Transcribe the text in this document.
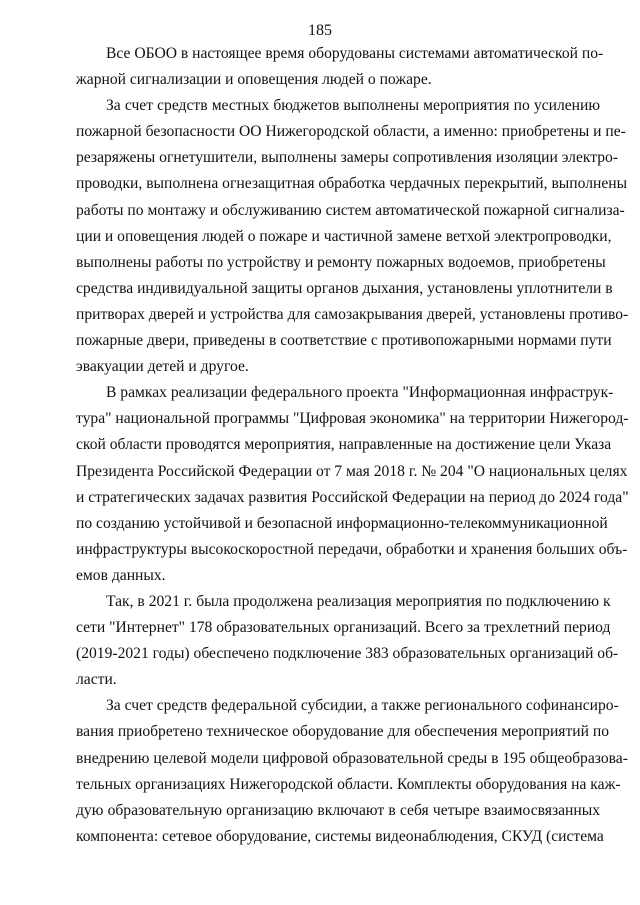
185
Все ОБОО в настоящее время оборудованы системами автоматической по-
жарной сигнализации и оповещения людей о пожаре.
За счет средств местных бюджетов выполнены мероприятия по усилению
пожарной безопасности ОО Нижегородской области, а именно: приобретены и пе-
резаряжены огнетушители, выполнены замеры сопротивления изоляции электро-
проводки, выполнена огнезащитная обработка чердачных перекрытий, выполнены
работы по монтажу и обслуживанию систем автоматической пожарной сигнализа-
ции и оповещения людей о пожаре и частичной замене ветхой электропроводки,
выполнены работы по устройству и ремонту пожарных водоемов, приобретены
средства индивидуальной защиты органов дыхания, установлены уплотнители в
притворах дверей и устройства для самозакрывания дверей, установлены противо-
пожарные двери, приведены в соответствие с противопожарными нормами пути
эвакуации детей и другое.
В рамках реализации федерального проекта "Информационная инфраструк-
тура" национальной программы "Цифровая экономика" на территории Нижегород-
ской области проводятся мероприятия, направленные на достижение цели Указа
Президента Российской Федерации от 7 мая 2018 г. № 204 "О национальных целях
и стратегических задачах развития Российской Федерации на период до 2024 года"
по созданию устойчивой и безопасной информационно-телекоммуникационной
инфраструктуры высокоскоростной передачи, обработки и хранения больших объ-
емов данных.
Так, в 2021 г. была продолжена реализация мероприятия по подключению к
сети "Интернет" 178 образовательных организаций. Всего за трехлетний период
(2019-2021 годы) обеспечено подключение 383 образовательных организаций об-
ласти.
За счет средств федеральной субсидии, а также регионального софинансиро-
вания приобретено техническое оборудование для обеспечения мероприятий по
внедрению целевой модели цифровой образовательной среды в 195 общеобразова-
тельных организациях Нижегородской области. Комплекты оборудования на каж-
дую образовательную организацию включают в себя четыре взаимосвязанных
компонента: сетевое оборудование, системы видеонаблюдения, СКУД (система
